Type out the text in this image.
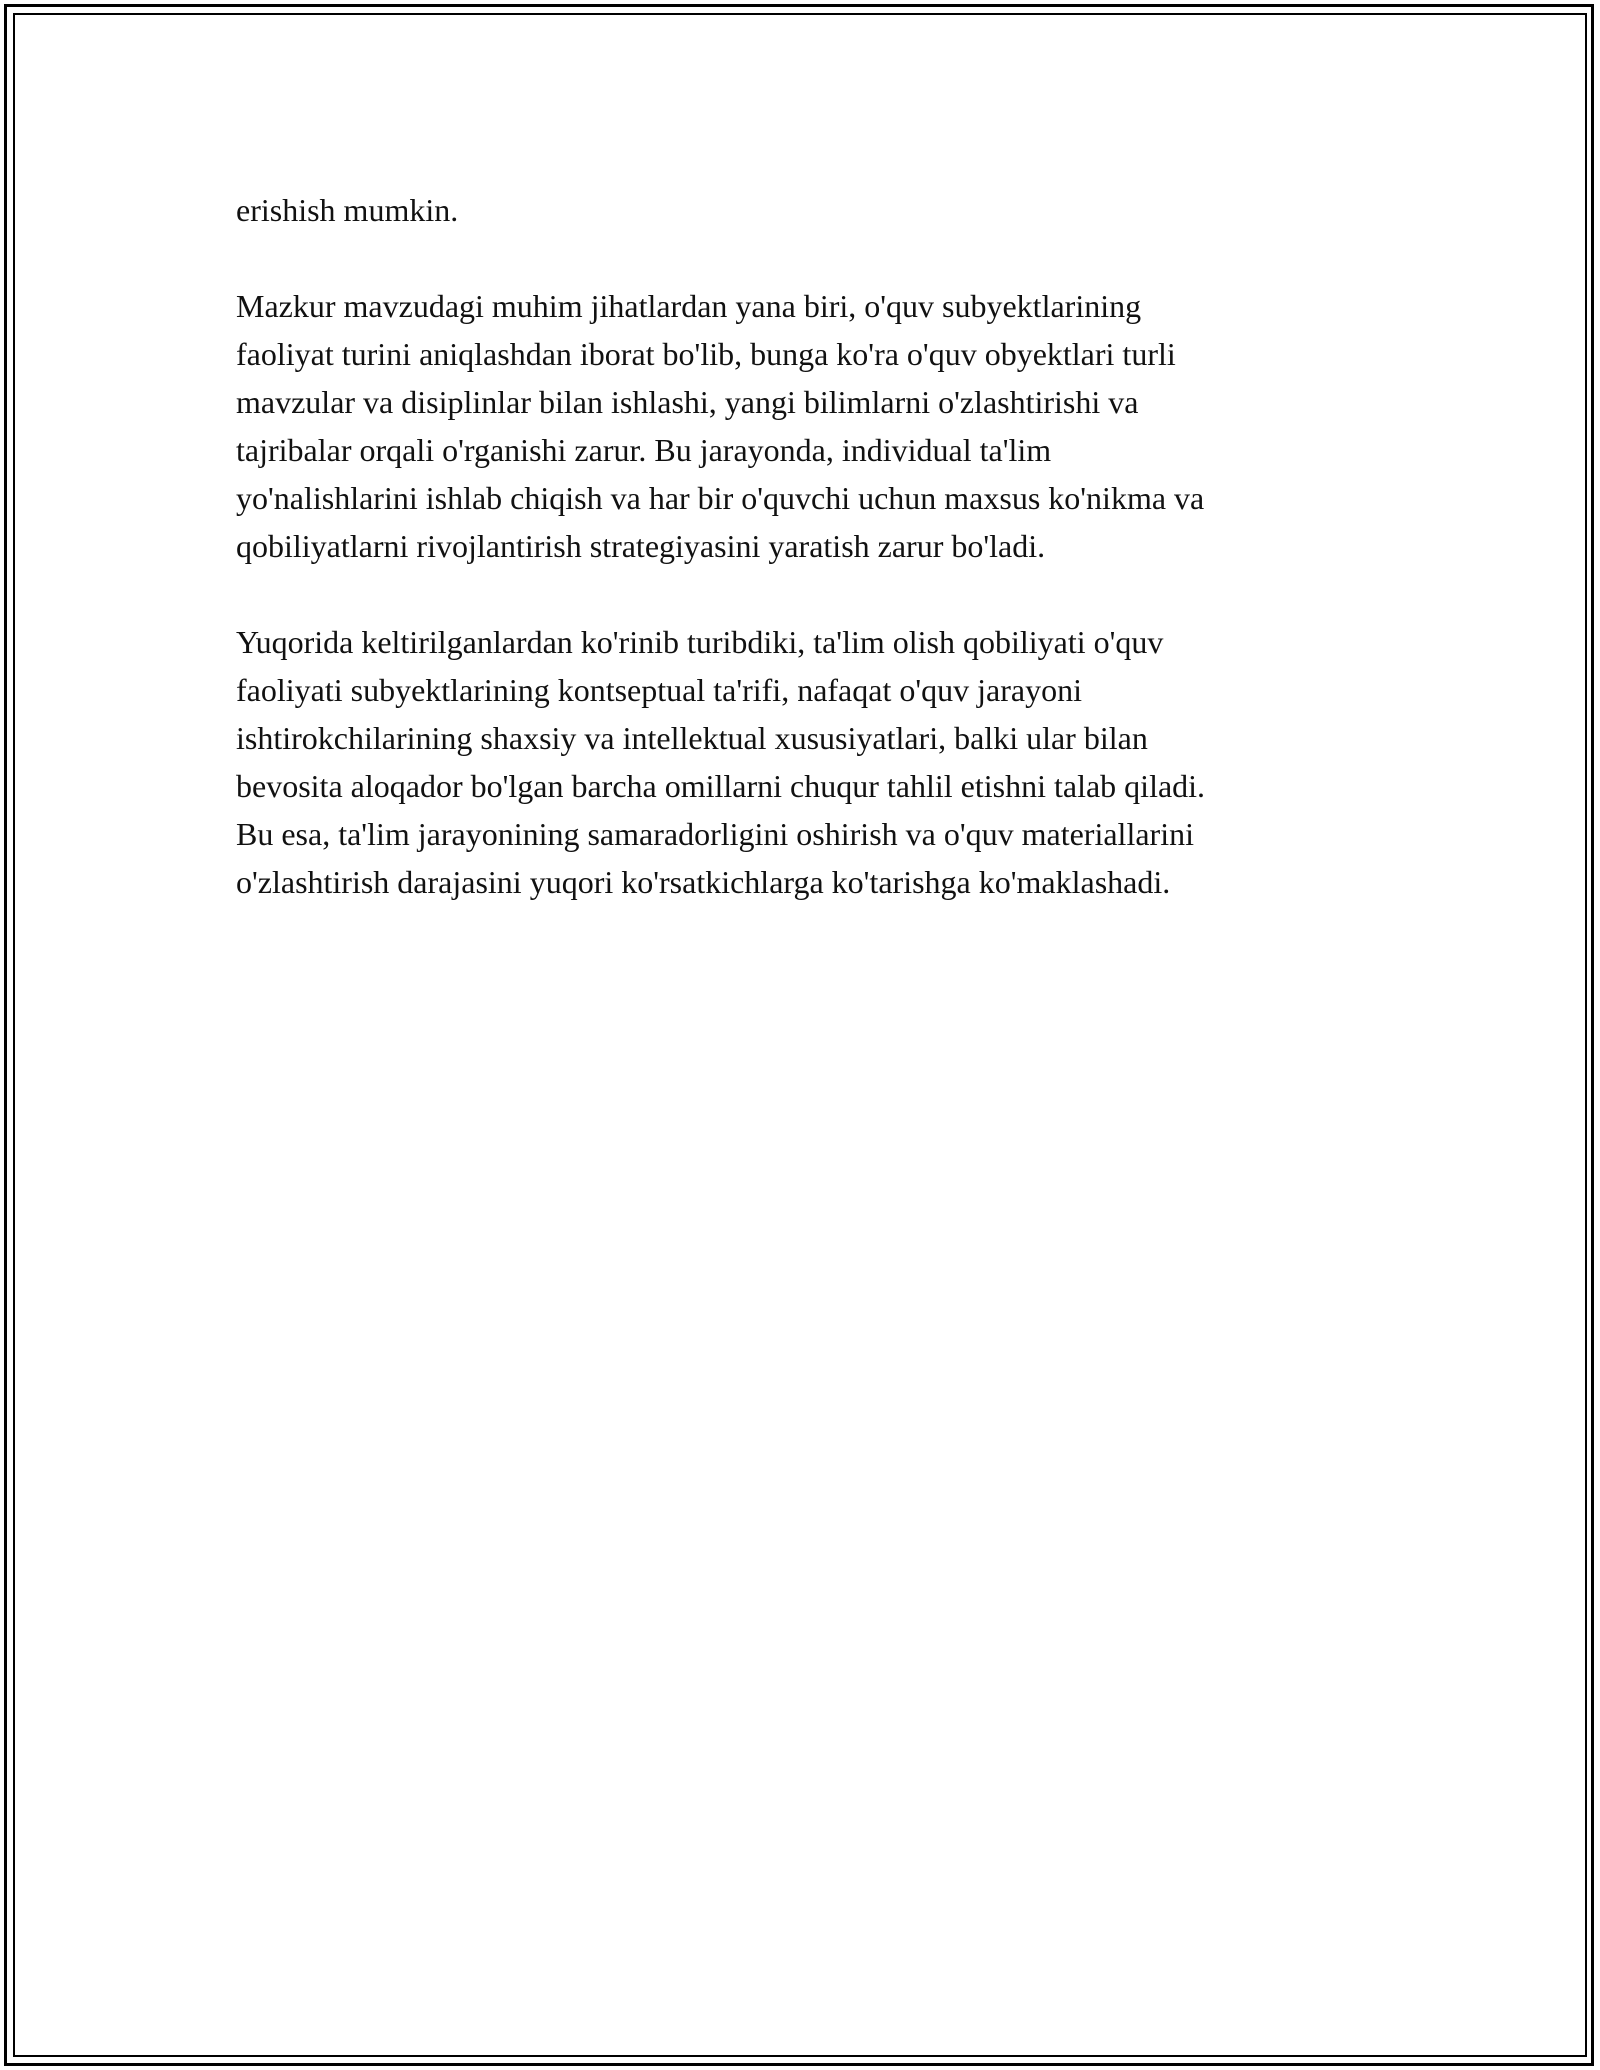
erishish mumkin.

Mazkur mavzudagi muhim jihatlardan yana biri, o'quv subyektlarining
faoliyat turini aniqlashdan iborat bo'lib, bunga ko'ra o'quv obyektlari turli
mavzular va disiplinlar bilan ishlashi, yangi bilimlarni o'zlashtirishi va
tajribalar orqali o'rganishi zarur. Bu jarayonda, individual ta'lim
yo'nalishlarini ishlab chiqish va har bir o'quvchi uchun maxsus ko'nikma va
qobiliyatlarni rivojlantirish strategiyasini yaratish zarur bo'ladi.

Yuqorida keltirilganlardan ko'rinib turibdiki, ta'lim olish qobiliyati o'quv
faoliyati subyektlarining kontseptual ta'rifi, nafaqat o'quv jarayoni
ishtirokchilarining shaxsiy va intellektual xususiyatlari, balki ular bilan
bevosita aloqador bo'lgan barcha omillarni chuqur tahlil etishni talab qiladi.
Bu esa, ta'lim jarayonining samaradorligini oshirish va o'quv materiallarini
o'zlashtirish darajasini yuqori ko'rsatkichlarga ko'tarishga ko'maklashadi.
